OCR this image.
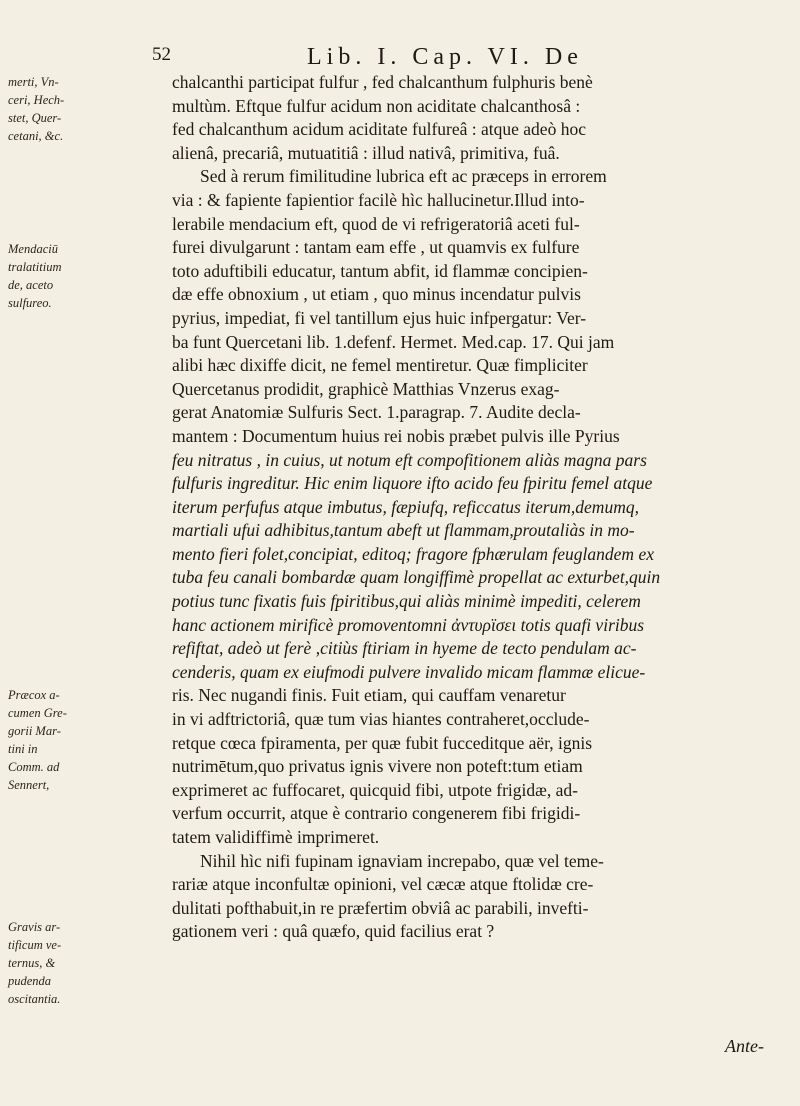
52	Lib. I. Cap. VI. De
merti, Vn-
ceri, Hech-
stet, Quer-
cetani, &c.
Mendaciū
tralatitium
de, aceto
sulfureo.
Præcox a-
cumen Gre-
gorii Mar-
tini in
Comm. ad
Sennert,
Gravis ar-
tificum ve-
ternus, &
pudenda
oscitantia.
chalcanthi participat fulfur , fed chalcanthum fulphuris benè
multùm. Eftque fulfur acidum non aciditate chalcanthosâ :
fed chalcanthum acidum aciditate fulfureâ : atque adeò hoc
alienâ, precariâ, mutuatitiâ : illud nativâ, primitiva, fuâ.
Sed à rerum fimilitudine lubrica eft ac præceps in errorem
via : & fapiente fapientior facilè hìc hallucinetur.Illud into-
lerabile mendacium eft, quod de vi refrigeratoriâ aceti ful-
furei divulgarunt : tantam eam effe , ut quamvis ex fulfure
toto aduftibili educatur, tantum abfit, id flammæ concipien-
dæ effe obnoxium , ut etiam , quo minus incendatur pulvis
pyrius, impediat, fi vel tantillum ejus huic infpergatur: Ver-
ba funt Quercetani lib. 1.defenf. Hermet. Med.cap. 17. Qui jam
alibi hæc dixiffe dicit, ne femel mentiretur. Quæ fimpliciter
Quercetanus prodidit, graphicè Matthias Vnzerus exag-
gerat Anatomiæ Sulfuris Sect. 1.paragrap. 7. Audite decla-
mantem : Documentum huius rei nobis præbet pulvis ille Pyrius
feu nitratus , in cuius, ut notum eft compofitionem aliàs magna pars
fulfuris ingreditur. Hic enim liquore ifto acido feu fpiritu femel atque
iterum perfufus atque imbutus, fæpiufq, reficcatus iterum,demumq,
martiali ufui adhibitus,tantum abeft ut flammam,proutaliàs in mo-
mento fieri folet,concipiat, editoq; fragore fphærulam feuglandem ex
tuba feu canali bombardæ quam longiffimè propellat ac exturbet,quin
potius tunc fixatis fuis fpiritibus,qui aliàs minimè impediti, celerem
hanc actionem mirificè promoventomni ἀντυρϊσει totis quafi viribus
refiftat, adeò ut ferè ,citiùs ftiriam in hyeme de tecto pendulam ac-
cenderis, quam ex eiufmodi pulvere invalido micam flammæ elicue-
ris. Nec nugandi finis. Fuit etiam, qui cauffam venaretur
in vi adftrictoriâ, quæ tum vias hiantes contraheret,occlude-
retque cœca fpiramenta, per quæ fubit fucceditque aër, ignis
nutrimētum,quo privatus ignis vivere non poteft:tum etiam
exprimeret ac fuffocaret, quicquid fibi, utpote frigidæ, ad-
verfum occurrit, atque è contrario congenerem fibi frigidi-
tatem validiffimè imprimeret.
Nihil hìc nifi fupinam ignaviam increpabo, quæ vel teme-
rariæ atque inconfultæ opinioni, vel cæcæ atque ftolidæ cre-
dulitati pofthabuit,in re præfertim obviâ ac parabili, invefti-
gationem veri : quâ quæfo, quid facilius erat ?
Ante-
